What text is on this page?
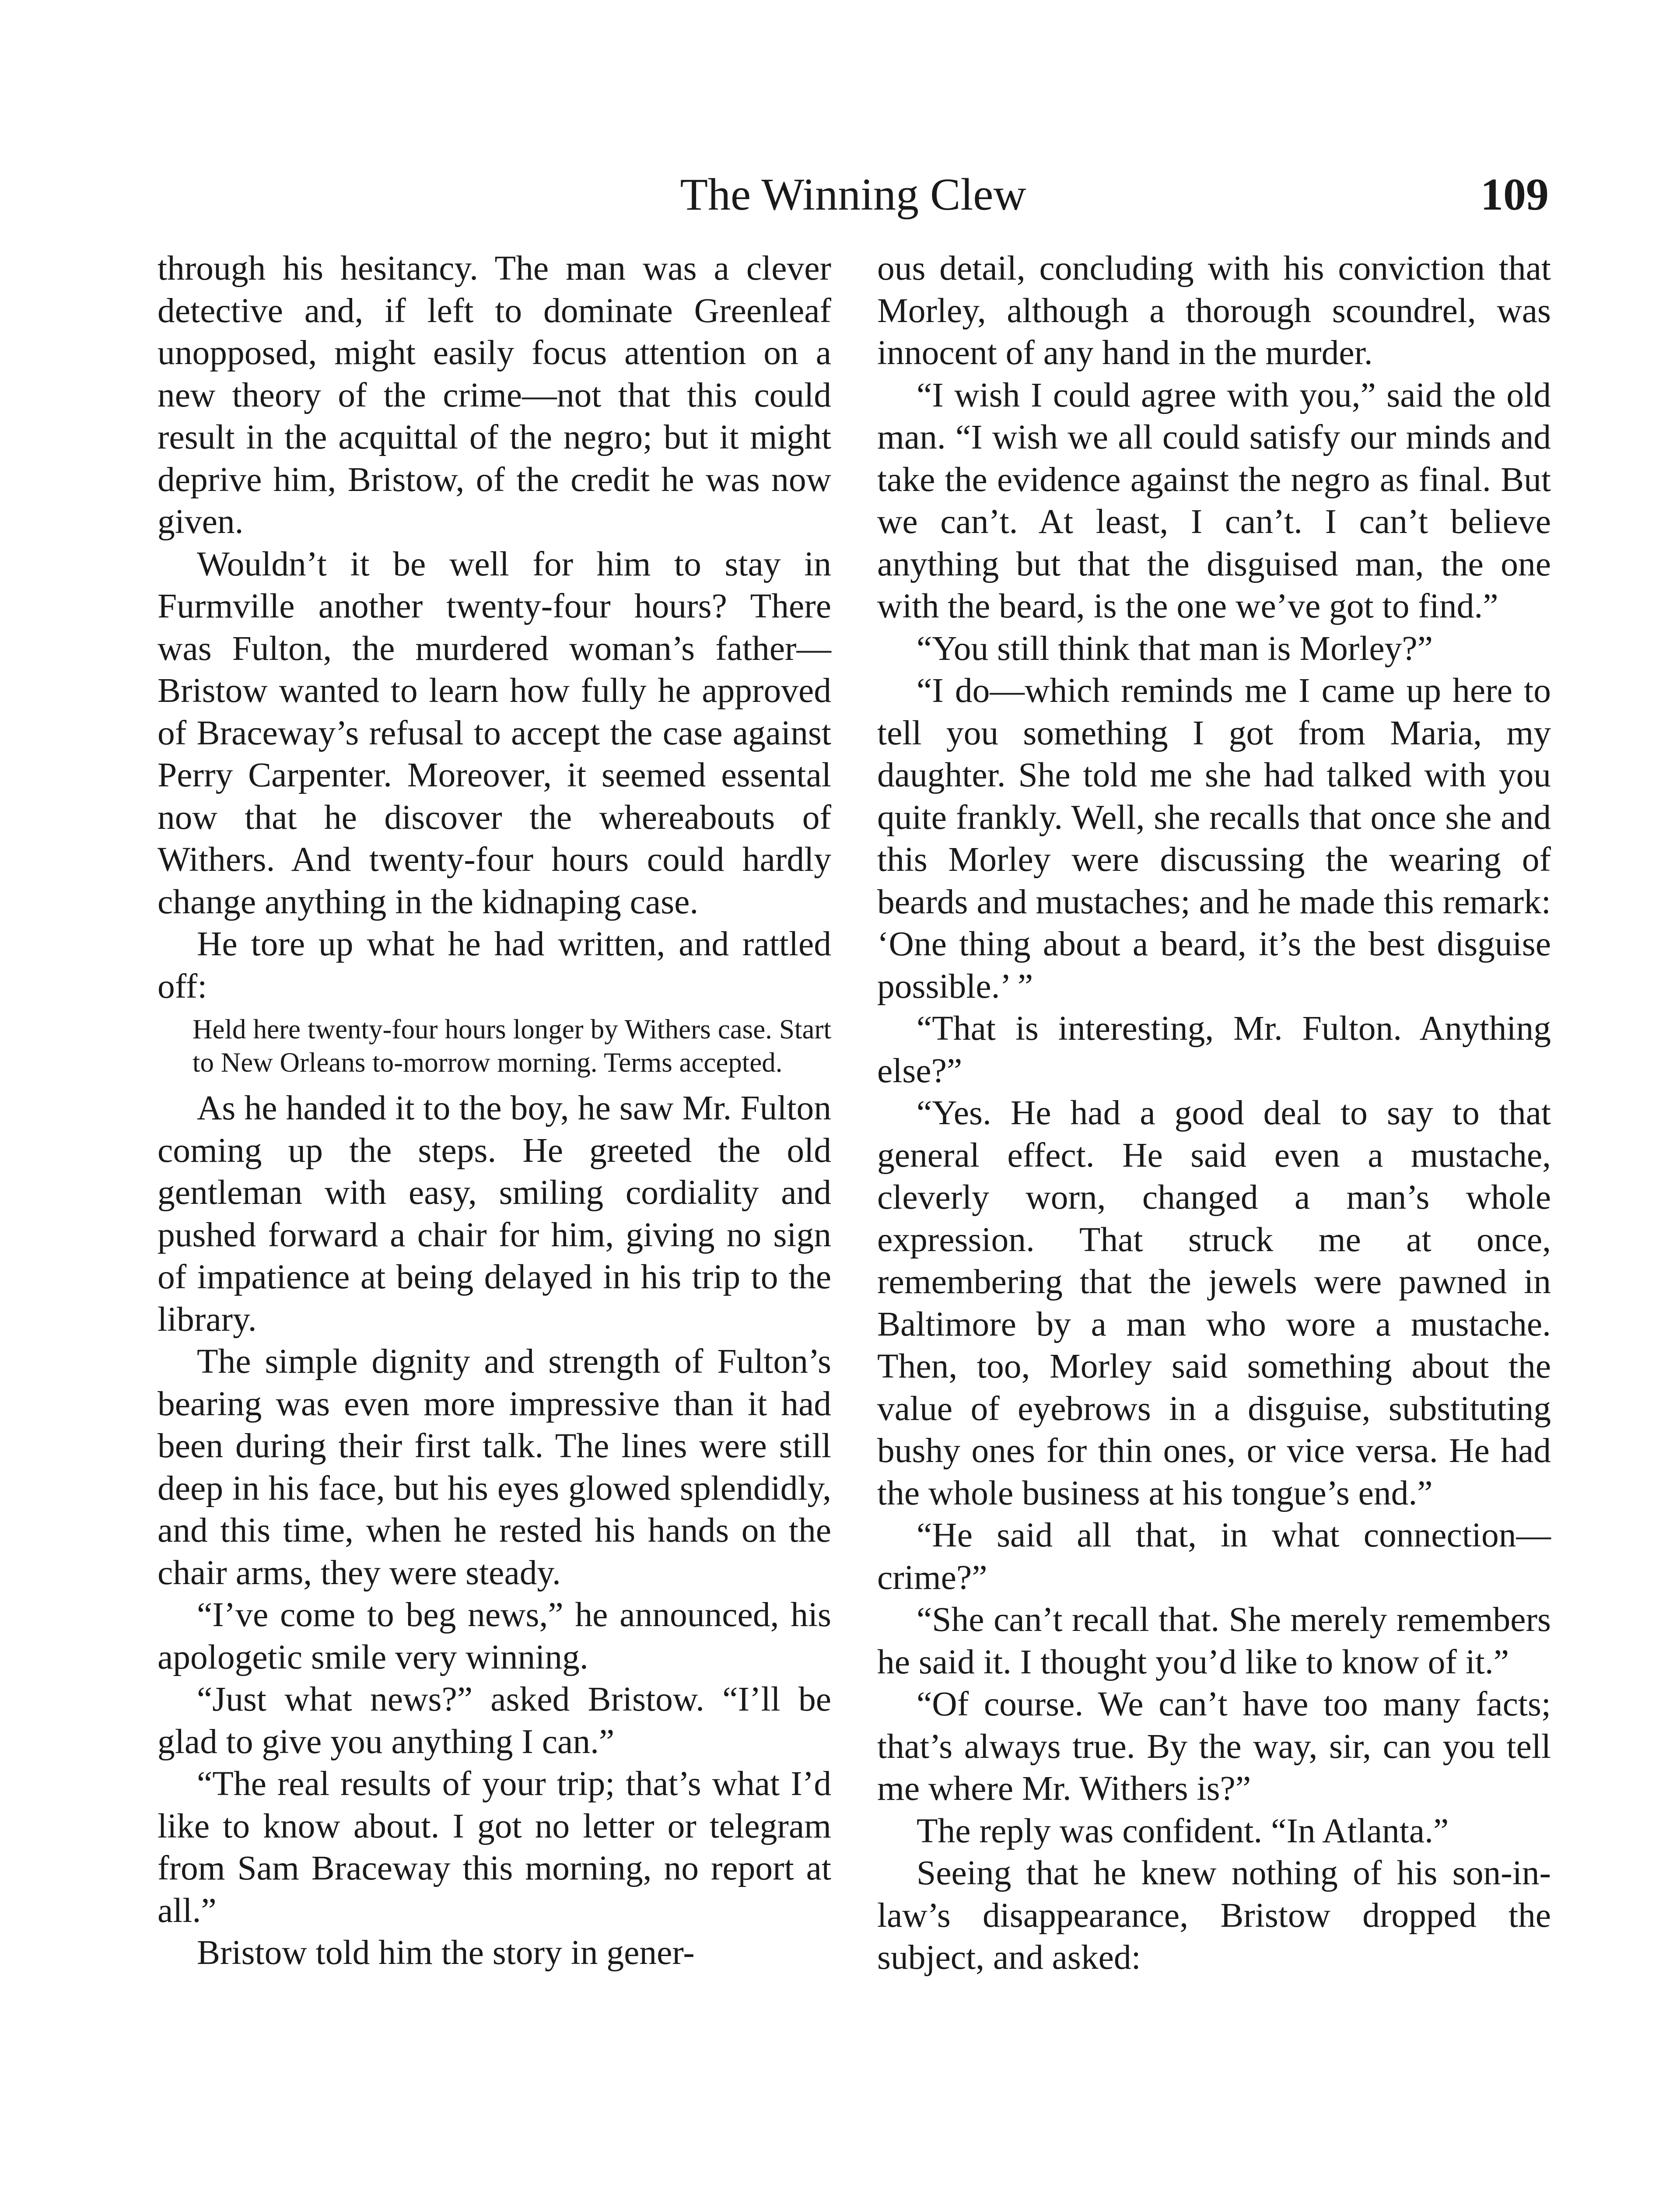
The Winning Clew	109

through his hesitancy. The man was a clever detective and, if left to dominate Greenleaf unopposed, might easily focus attention on a new theory of the crime—not that this could result in the acquittal of the negro; but it might deprive him, Bristow, of the credit he was now given.

Wouldn’t it be well for him to stay in Furmville another twenty-four hours? There was Fulton, the murdered woman’s father—Bristow wanted to learn how fully he approved of Braceway’s refusal to accept the case against Perry Carpenter. Moreover, it seemed essental now that he discover the whereabouts of Withers. And twenty-four hours could hardly change anything in the kidnaping case.

He tore up what he had written, and rattled off:

Held here twenty-four hours longer by Withers case. Start to New Orleans to-morrow morning. Terms accepted.

As he handed it to the boy, he saw Mr. Fulton coming up the steps. He greeted the old gentleman with easy, smiling cordiality and pushed forward a chair for him, giving no sign of impatience at being delayed in his trip to the library.

The simple dignity and strength of Fulton’s bearing was even more impressive than it had been during their first talk. The lines were still deep in his face, but his eyes glowed splendidly, and this time, when he rested his hands on the chair arms, they were steady.

“I’ve come to beg news,” he announced, his apologetic smile very winning.

“Just what news?” asked Bristow. “I’ll be glad to give you anything I can.”

“The real results of your trip; that’s what I’d like to know about. I got no letter or telegram from Sam Braceway this morning, no report at all.”

Bristow told him the story in gener-

ous detail, concluding with his conviction that Morley, although a thorough scoundrel, was innocent of any hand in the murder.

“I wish I could agree with you,” said the old man. “I wish we all could satisfy our minds and take the evidence against the negro as final. But we can’t. At least, I can’t. I can’t believe anything but that the disguised man, the one with the beard, is the one we’ve got to find.”

“You still think that man is Morley?”

“I do—which reminds me I came up here to tell you something I got from Maria, my daughter. She told me she had talked with you quite frankly. Well, she recalls that once she and this Morley were discussing the wearing of beards and mustaches; and he made this remark: ‘One thing about a beard, it’s the best disguise possible.’ ”

“That is interesting, Mr. Fulton. Anything else?”

“Yes. He had a good deal to say to that general effect. He said even a mustache, cleverly worn, changed a man’s whole expression. That struck me at once, remembering that the jewels were pawned in Baltimore by a man who wore a mustache. Then, too, Morley said something about the value of eyebrows in a disguise, substituting bushy ones for thin ones, or vice versa. He had the whole business at his tongue’s end.”

“He said all that, in what connection—crime?”

“She can’t recall that. She merely remembers he said it. I thought you’d like to know of it.”

“Of course. We can’t have too many facts; that’s always true. By the way, sir, can you tell me where Mr. Withers is?”

The reply was confident. “In Atlanta.”

Seeing that he knew nothing of his son-in-law’s disappearance, Bristow dropped the subject, and asked:
